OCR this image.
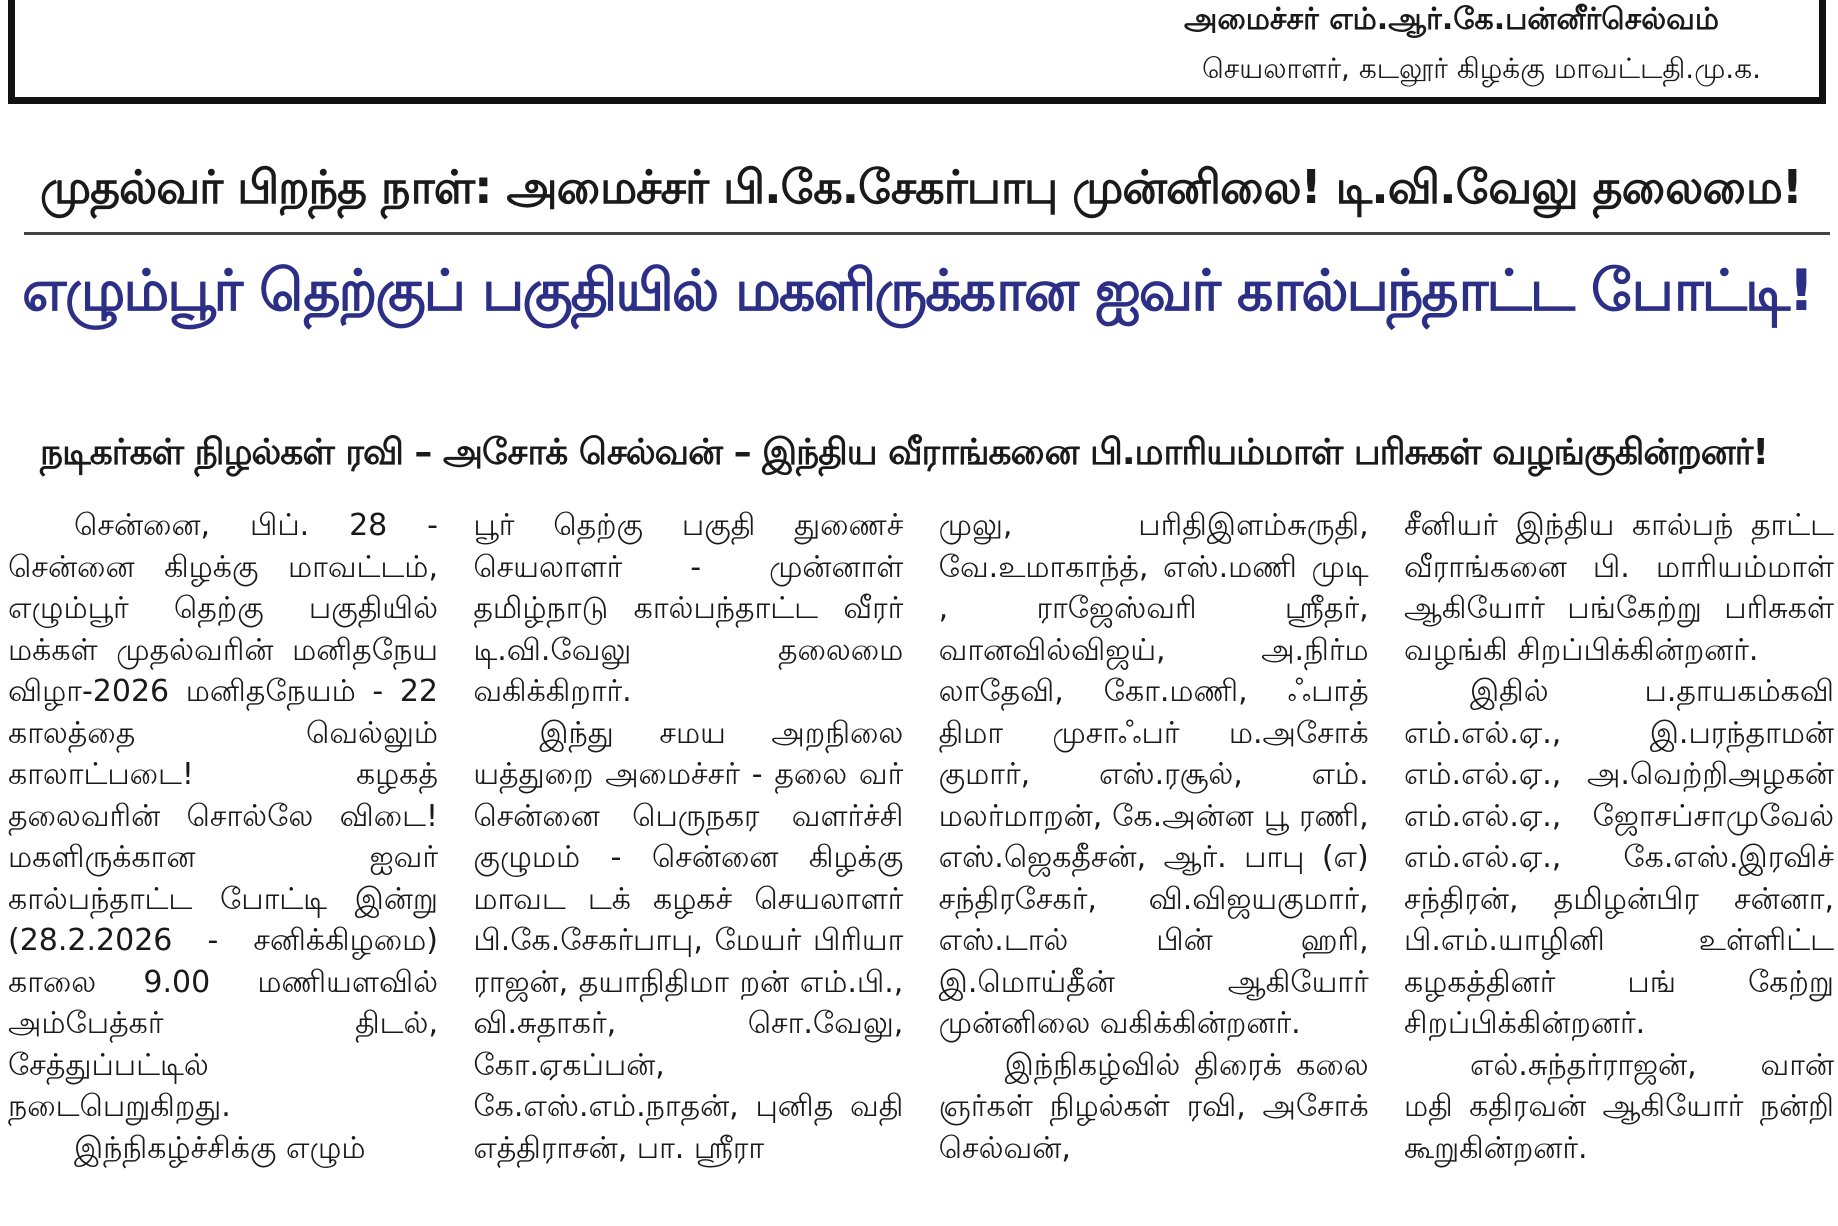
அமைச்சர் எம்.ஆர்.கே.பன்னீர்செல்வம்
செயலாளர், கடலூர் கிழக்கு மாவட்டதி.மு.க.
முதல்வர் பிறந்த நாள்: அமைச்சர் பி.கே.சேகர்பாபு முன்னிலை! டி.வி.வேலு தலைமை!
எழும்பூர் தெற்குப் பகுதியில் மகளிருக்கான ஐவர் கால்பந்தாட்ட போட்டி!
நடிகர்கள் நிழல்கள் ரவி – அசோக் செல்வன் – இந்திய வீராங்கனை பி.மாரியம்மாள் பரிசுகள் வழங்குகின்றனர்!

சென்னை, பிப். 28 - சென்னை கிழக்கு மாவட்டம், எழும்பூர் தெற்கு பகுதியில் மக்கள் முதல்வரின் மனிதநேய விழா-2026 மனிதநேயம் - 22 காலத்தை வெல்லும் காலாட்படை! கழகத் தலைவரின் சொல்லே விடை! மகளிருக்கான ஐவர் கால்பந்தாட்ட போட்டி இன்று (28.2.2026 - சனிக்கிழமை) காலை 9.00 மணியளவில் அம்பேத்கர் திடல், சேத்துப்பட்டில் நடைபெறுகிறது.

இந்நிகழ்ச்சிக்கு எழும்

பூர் தெற்கு பகுதி துணைச் செயலாளர் - முன்னாள் தமிழ்நாடு கால்பந்தாட்ட வீரர் டி.வி.வேலு தலைமை வகிக்கிறார்.

இந்து சமய அறநிலை யத்துறை அமைச்சர் - தலை வர் சென்னை பெருநகர வளர்ச்சி குழுமம் - சென்னை கிழக்கு மாவட டக் கழகச் செயலாளர் பி.கே.சேகர்பாபு, மேயர் பிரியா ராஜன், தயாநிதிமா றன் எம்.பி., வி.சுதாகர், சொ.வேலு, கோ.ஏகப்பன், கே.எஸ்.எம்.நாதன், புனித வதி எத்திராசன், பா. ஸ்ரீரா

முலு, பரிதிஇளம்சுருதி, வே.உமாகாந்த், எஸ்.மணி முடி , ராஜேஸ்வரி ஸ்ரீதர், வானவில்விஜய், அ.நிர்ம லாதேவி, கோ.மணி, ஃபாத் திமா முசாஃபர் ம.அசோக் குமார், எஸ்.ரசூல், எம். மலர்மாறன், கே.அன்ன பூ ரணி, எஸ்.ஜெகதீசன், ஆர். பாபு (எ) சந்திரசேகர், வி.விஜயகுமார், எஸ்.டால் பின் ஹரி, இ.மொய்தீன் ஆகியோர் முன்னிலை வகிக்கின்றனர்.

இந்நிகழ்வில் திரைக் கலை ஞர்கள் நிழல்கள் ரவி, அசோக் செல்வன்,

சீனியர் இந்திய கால்பந் தாட்ட வீராங்கனை பி. மாரியம்மாள் ஆகியோர் பங்கேற்று பரிசுகள் வழங்கி சிறப்பிக்கின்றனர்.

இதில் ப.தாயகம்கவி எம்.எல்.ஏ., இ.பரந்தாமன் எம்.எல்.ஏ., அ.வெற்றிஅழகன் எம்.எல்.ஏ., ஜோசப்சாமுவேல் எம்.எல்.ஏ., கே.எஸ்.இரவிச் சந்திரன், தமிழன்பிர சன்னா, பி.எம்.யாழினி உள்ளிட்ட கழகத்தினர் பங் கேற்று சிறப்பிக்கின்றனர்.

எல்.சுந்தர்ராஜன், வான் மதி கதிரவன் ஆகியோர் நன்றி கூறுகின்றனர்.
